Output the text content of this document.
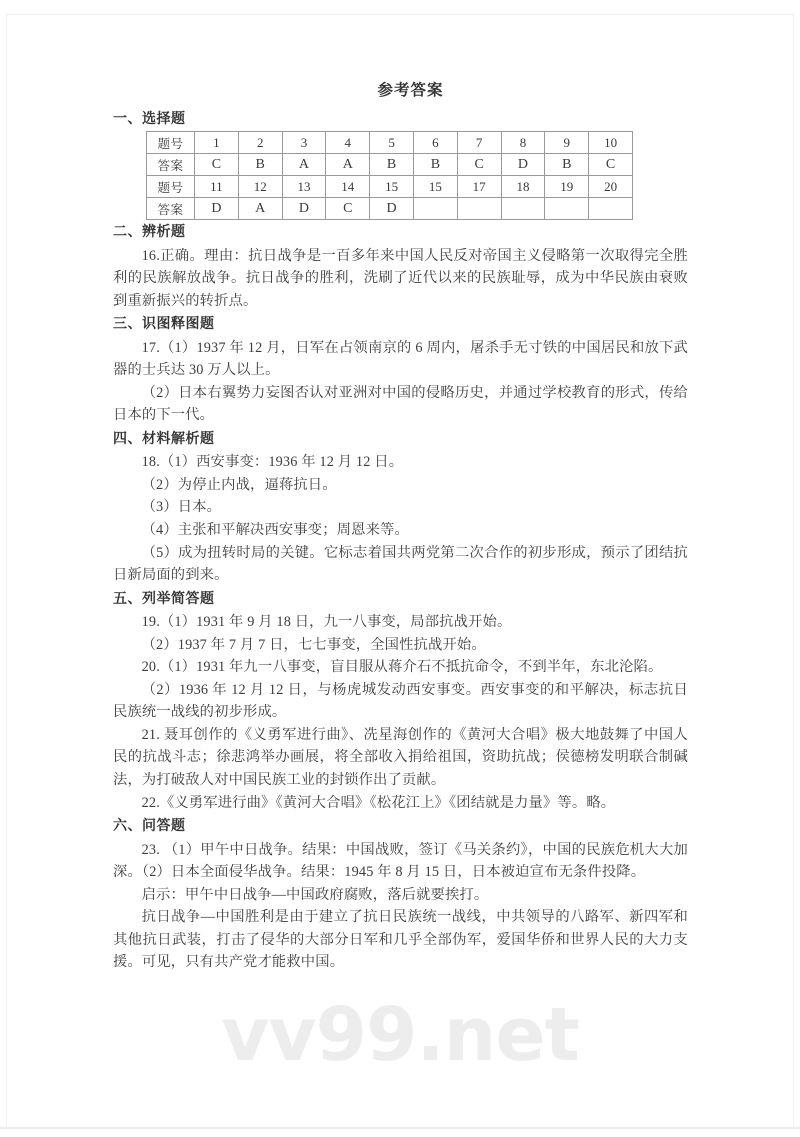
参考答案
一、选择题
题号	1	2	3	4	5	6	7	8	9	10
答案	C	B	A	A	B	B	C	D	B	C
题号	11	12	13	14	15	15	17	18	19	20
答案	D	A	D	C	D					
二、辨析题

16.正确。理由：抗日战争是一百多年来中国人民反对帝国主义侵略第一次取得完全胜利的民族解放战争。抗日战争的胜利，洗刷了近代以来的民族耻辱，成为中华民族由衰败到重新振兴的转折点。

三、识图释图题

17.（1）1937 年 12 月，日军在占领南京的 6 周内，屠杀手无寸铁的中国居民和放下武器的士兵达 30 万人以上。

（2）日本右翼势力妄图否认对亚洲对中国的侵略历史，并通过学校教育的形式，传给日本的下一代。

四、材料解析题

18.（1）西安事变：1936 年 12 月 12 日。

（2）为停止内战，逼蒋抗日。

（3）日本。

（4）主张和平解决西安事变；周恩来等。

（5）成为扭转时局的关键。它标志着国共两党第二次合作的初步形成，预示了团结抗日新局面的到来。

五、列举简答题

19.（1）1931 年 9 月 18 日，九一八事变，局部抗战开始。

（2）1937 年 7 月 7 日，七七事变，全国性抗战开始。

20.（1）1931 年九一八事变，盲目服从蒋介石不抵抗命令，不到半年，东北沦陷。

（2）1936 年 12 月 12 日，与杨虎城发动西安事变。西安事变的和平解决，标志抗日民族统一战线的初步形成。

21. 聂耳创作的《义勇军进行曲》、冼星海创作的《黄河大合唱》极大地鼓舞了中国人民的抗战斗志；徐悲鸿举办画展，将全部收入捐给祖国，资助抗战；侯德榜发明联合制碱法，为打破敌人对中国民族工业的封锁作出了贡献。

22.《义勇军进行曲》《黄河大合唱》《松花江上》《团结就是力量》等。略。

六、问答题

23. （1）甲午中日战争。结果：中国战败，签订《马关条约》，中国的民族危机大大加深。（2）日本全面侵华战争。结果：1945 年 8 月 15 日，日本被迫宣布无条件投降。

启示：甲午中日战争—中国政府腐败，落后就要挨打。

抗日战争—中国胜利是由于建立了抗日民族统一战线，中共领导的八路军、新四军和其他抗日武装，打击了侵华的大部分日军和几乎全部伪军，爱国华侨和世界人民的大力支援。可见，只有共产党才能救中国。

vv99.net
